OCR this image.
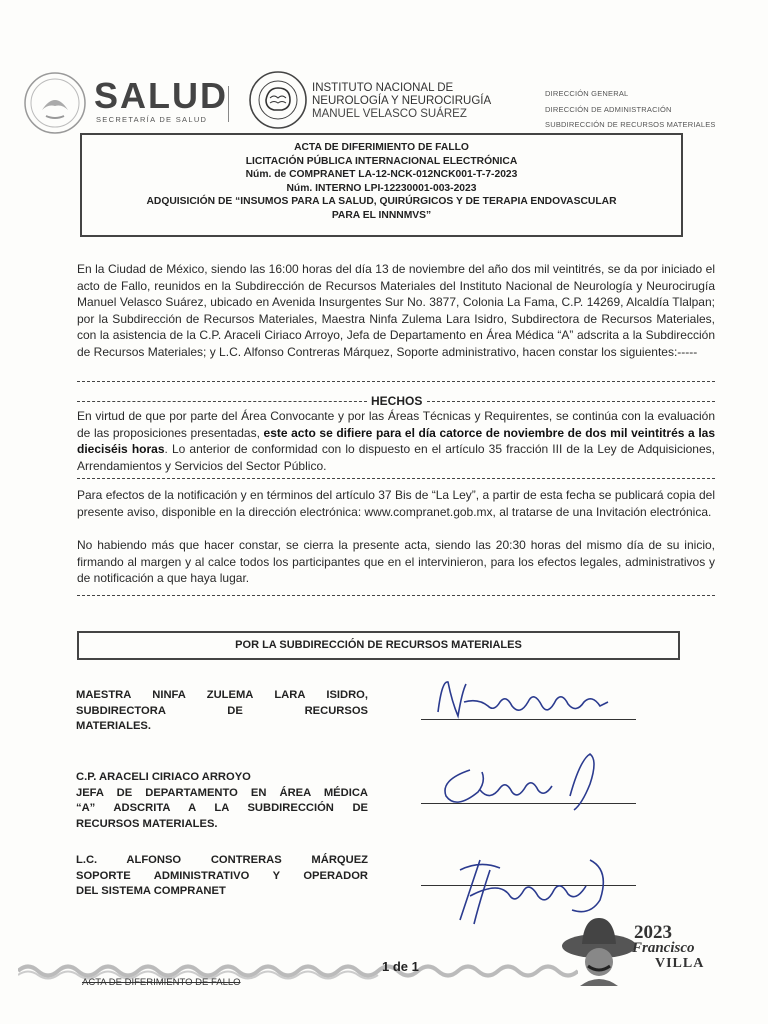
SALUD
SECRETARÍA DE SALUD
INSTITUTO NACIONAL DE
NEUROLOGÍA Y NEUROCIRUGÍA
MANUEL VELASCO SUÁREZ
DIRECCIÓN GENERAL
DIRECCIÓN DE ADMINISTRACIÓN
SUBDIRECCIÓN DE RECURSOS MATERIALES
ACTA DE DIFERIMIENTO DE FALLO
LICITACIÓN PÚBLICA INTERNACIONAL ELECTRÓNICA
Núm. de COMPRANET LA-12-NCK-012NCK001-T-7-2023
Núm. INTERNO LPI-12230001-003-2023
ADQUISICIÓN DE “INSUMOS PARA LA SALUD, QUIRÚRGICOS Y DE TERAPIA ENDOVASCULAR
PARA EL INNNMVS”
En la Ciudad de México, siendo las 16:00 horas del día 13 de noviembre del año dos mil veintitrés, se da por iniciado el acto de Fallo, reunidos en la Subdirección de Recursos Materiales del Instituto Nacional de Neurología y Neurocirugía Manuel Velasco Suárez, ubicado en Avenida Insurgentes Sur No. 3877, Colonia La Fama, C.P. 14269, Alcaldía Tlalpan; por la Subdirección de Recursos Materiales, Maestra Ninfa Zulema Lara Isidro, Subdirectora de Recursos Materiales, con la asistencia de la C.P. Araceli Ciriaco Arroyo, Jefa de Departamento en Área Médica “A” adscrita a la Subdirección de Recursos Materiales; y L.C. Alfonso Contreras Márquez, Soporte administrativo, hacen constar los siguientes:-----
HECHOS
En virtud de que por parte del Área Convocante y por las Áreas Técnicas y Requirentes, se continúa con la evaluación de las proposiciones presentadas, este acto se difiere para el día catorce de noviembre de dos mil veintitrés a las dieciséis horas. Lo anterior de conformidad con lo dispuesto en el artículo 35 fracción III de la Ley de Adquisiciones, Arrendamientos y Servicios del Sector Público.
Para efectos de la notificación y en términos del artículo 37 Bis de “La Ley”, a partir de esta fecha se publicará copia del presente aviso, disponible en la dirección electrónica: www.compranet.gob.mx, al tratarse de una Invitación electrónica.
No habiendo más que hacer constar, se cierra la presente acta, siendo las 20:30 horas del mismo día de su inicio, firmando al margen y al calce todos los participantes que en el intervinieron, para los efectos legales, administrativos y de notificación a que haya lugar.
POR LA SUBDIRECCIÓN DE RECURSOS MATERIALES
MAESTRA NINFA ZULEMA LARA ISIDRO,
SUBDIRECTORA DE RECURSOS
MATERIALES.
C.P. ARACELI CIRIACO ARROYO
JEFA DE DEPARTAMENTO EN ÁREA MÉDICA
“A” ADSCRITA A LA SUBDIRECCIÓN DE
RECURSOS MATERIALES.
L.C. ALFONSO CONTRERAS MÁRQUEZ
SOPORTE ADMINISTRATIVO Y OPERADOR
DEL SISTEMA COMPRANET
1 de 1
ACTA DE DIFERIMIENTO DE FALLO
2023
Francisco
VILLA
